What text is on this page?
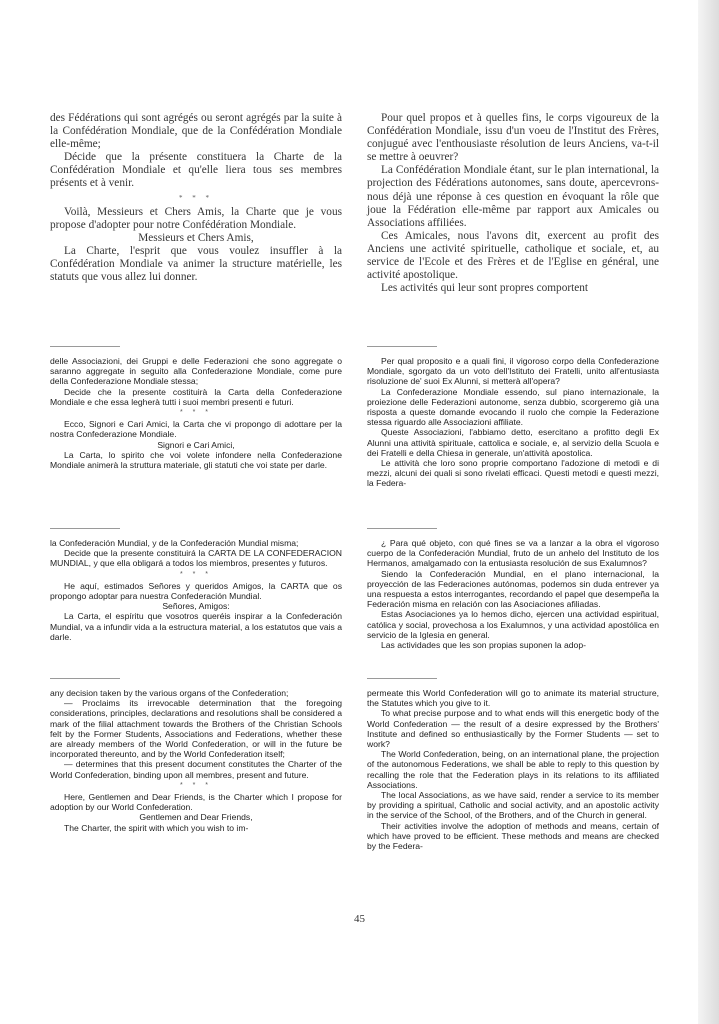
des Fédérations qui sont agrégés ou seront agrégés par la suite à la Confédération Mondiale, que de la Confédération Mondiale elle-même;

Décide que la présente constituera la Charte de la Confédération Mondiale et qu'elle liera tous ses membres présents et à venir.

* * *

Voilà, Messieurs et Chers Amis, la Charte que je vous propose d'adopter pour notre Confédération Mondiale.

Messieurs et Chers Amis,

La Charte, l'esprit que vous voulez insuffler à la Confédération Mondiale va animer la structure matérielle, les statuts que vous allez lui donner.

Pour quel propos et à quelles fins, le corps vigoureux de la Confédération Mondiale, issu d'un voeu de l'Institut des Frères, conjugué avec l'enthousiaste résolution de leurs Anciens, va-t-il se mettre à oeuvrer?

La Confédération Mondiale étant, sur le plan international, la projection des Fédérations autonomes, sans doute, apercevrons-nous déjà une réponse à ces question en évoquant la rôle que joue la Fédération elle-même par rapport aux Amicales ou Associations affiliées.

Ces Amicales, nous l'avons dit, exercent au profit des Anciens une activité spirituelle, catholique et sociale, et, au service de l'Ecole et des Frères et de l'Eglise en général, une activité apostolique.

Les activités qui leur sont propres comportent

delle Associazioni, dei Gruppi e delle Federazioni che sono aggregate o saranno aggregate in seguito alla Confederazione Mondiale, come pure della Confederazione Mondiale stessa;

Decide che la presente costituirà la Carta della Confederazione Mondiale e che essa legherà tutti i suoi membri presenti e futuri.

* * *

Ecco, Signori e Cari Amici, la Carta che vi propongo di adottare per la nostra Confederazione Mondiale.

Signori e Cari Amici,

La Carta, lo spirito che voi volete infondere nella Confederazione Mondiale animerà la struttura materiale, gli statuti che voi state per darle.

Per qual proposito e a quali fini, il vigoroso corpo della Confederazione Mondiale, sgorgato da un voto dell'Istituto dei Fratelli, unito all'entusiasta risoluzione de' suoi Ex Alunni, si metterà all'opera?

La Confederazione Mondiale essendo, sul piano internazionale, la proiezione delle Federazioni autonome, senza dubbio, scorgeremo già una risposta a queste domande evocando il ruolo che compie la Federazione stessa riguardo alle Associazioni affiliate.

Queste Associazioni, l'abbiamo detto, esercitano a profitto degli Ex Alunni una attività spirituale, cattolica e sociale, e, al servizio della Scuola e dei Fratelli e della Chiesa in generale, un'attività apostolica.

Le attività che loro sono proprie comportano l'adozione di metodi e di mezzi, alcuni dei quali si sono rivelati efficaci. Questi metodi e questi mezzi, la Federa-

la Confederación Mundial, y de la Confederación Mundial misma;

Decide que la presente constituirá la CARTA DE LA CONFEDERACION MUNDIAL, y que ella obligará a todos los miembros, presentes y futuros.

* * *

He aquí, estimados Señores y queridos Amigos, la CARTA que os propongo adoptar para nuestra Confederación Mundial.

Señores, Amigos:

La Carta, el espíritu que vosotros queréis inspirar a la Confederación Mundial, va a infundir vida a la estructura material, a los estatutos que vais a darle.

¿ Para qué objeto, con qué fines se va a lanzar a la obra el vigoroso cuerpo de la Confederación Mundial, fruto de un anhelo del Instituto de los Hermanos, amalgamado con la entusiasta resolución de sus Exalumnos?

Siendo la Confederación Mundial, en el plano internacional, la proyección de las Federaciones autónomas, podemos sin duda entrever ya una respuesta a estos interrogantes, recordando el papel que desempeña la Federación misma en relación con las Asociaciones afiliadas.

Estas Asociaciones ya lo hemos dicho, ejercen una actividad espiritual, católica y social, provechosa a los Exalumnos, y una actividad apostólica en servicio de la Iglesia en general.

Las actividades que les son propias suponen la adop-

any decision taken by the various organs of the Confederation;

— Proclaims its irrevocable determination that the foregoing considerations, principles, declarations and resolutions shall be considered a mark of the filial attachment towards the Brothers of the Christian Schools felt by the Former Students, Associations and Federations, whether these are already members of the World Confederation, or will in the future be incorporated thereunto, and by the World Confederation itself;

— determines that this present document constitutes the Charter of the World Confederation, binding upon all membres, present and future.

* * *

Here, Gentlemen and Dear Friends, is the Charter which I propose for adoption by our World Confederation.

Gentlemen and Dear Friends,

The Charter, the spirit with which you wish to im-

permeate this World Confederation will go to animate its material structure, the Statutes which you give to it.

To what precise purpose and to what ends will this energetic body of the World Confederation — the result of a desire expressed by the Brothers' Institute and defined so enthusiastically by the Former Students — set to work?

The World Confederation, being, on an international plane, the projection of the autonomous Federations, we shall be able to reply to this question by recalling the role that the Federation plays in its relations to its affiliated Associations.

The local Associations, as we have said, render a service to its member by providing a spiritual, Catholic and social activity, and an apostolic activity in the service of the School, of the Brothers, and of the Church in general.

Their activities involve the adoption of methods and means, certain of which have proved to be efficient. These methods and means are checked by the Federa-

45
